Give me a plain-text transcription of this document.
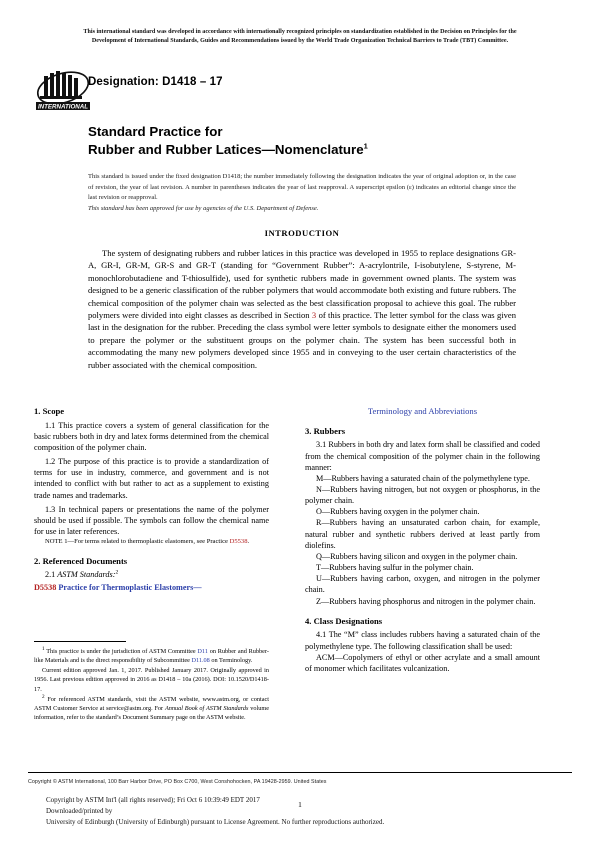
This international standard was developed in accordance with internationally recognized principles on standardization established in the Decision on Principles for the
Development of International Standards, Guides and Recommendations issued by the World Trade Organization Technical Barriers to Trade (TBT) Committee.
INTERNATIONAL
Designation: D1418 – 17
Standard Practice for
Rubber and Rubber Latices—Nomenclature$^1$
This standard is issued under the fixed designation D1418; the number immediately following the designation indicates the year of original adoption or, in the case of revision, the year of last revision. A number in parentheses indicates the year of last reapproval. A superscript epsilon (ε) indicates an editorial change since the last revision or reapproval.
This standard has been approved for use by agencies of the U.S. Department of Defense.
INTRODUCTION
The system of designating rubbers and rubber latices in this practice was developed in 1955 to replace designations GR-A, GR-I, GR-M, GR-S and GR-T (standing for “Government Rubber”: A-acrylontrile, I-isobutylene, S-styrene, M-monochlorobutadiene and T-thiosulfide), used for synthetic rubbers made in government owned plants. The system was designed to be a generic classification of the rubber polymers that would accommodate both existing and future rubbers. The chemical composition of the polymer chain was selected as the best classification proposal to achieve this goal. The rubber polymers were divided into eight classes as described in Section 3 of this practice. The letter symbol for the class was given last in the designation for the rubber. Preceding the class symbol were letter symbols to designate either the monomers used to prepare the polymer or the substituent groups on the polymer chain. The system has been successful both in accommodating the many new polymers developed since 1955 and in conveying to the user certain characteristics of the rubber associated with the chemical composition.
1. Scope

1.1 This practice covers a system of general classification for the basic rubbers both in dry and latex forms determined from the chemical composition of the polymer chain.

1.2 The purpose of this practice is to provide a standardization of terms for use in industry, commerce, and government and is not intended to conflict with but rather to act as a supplement to existing trade names and trademarks.

1.3 In technical papers or presentations the name of the polymer should be used if possible. The symbols can follow the chemical name for use in later references.

NOTE 1—For terms related to thermoplastic elastomers, see Practice D5538.

2. Referenced Documents

2.1 ASTM Standards:$^2$

D5538 Practice for Thermoplastic Elastomers—

Terminology and Abbreviations
3. Rubbers

3.1 Rubbers in both dry and latex form shall be classified and coded from the chemical composition of the polymer chain in the following manner:

M—Rubbers having a saturated chain of the polymethylene type.

N—Rubbers having nitrogen, but not oxygen or phosphorus, in the polymer chain.

O—Rubbers having oxygen in the polymer chain.

R—Rubbers having an unsaturated carbon chain, for example, natural rubber and synthetic rubbers derived at least partly from diolefins.

Q—Rubbers having silicon and oxygen in the polymer chain.

T—Rubbers having sulfur in the polymer chain.

U—Rubbers having carbon, oxygen, and nitrogen in the polymer chain.

Z—Rubbers having phosphorus and nitrogen in the polymer chain.

4. Class Designations

4.1 The “M” class includes rubbers having a saturated chain of the polymethylene type. The following classification shall be used:

ACM—Copolymers of ethyl or other acrylate and a small amount of monomer which facilitates vulcanization.

$^1$ This practice is under the jurisdiction of ASTM Committee D11 on Rubber and Rubber-like Materials and is the direct responsibility of Subcommittee D11.08 on Terminology.

Current edition approved Jan. 1, 2017. Published January 2017. Originally approved in 1956. Last previous edition approved in 2016 as D1418 – 10a (2016). DOI: 10.1520/D1418-17.

$^2$ For referenced ASTM standards, visit the ASTM website, www.astm.org, or contact ASTM Customer Service at service@astm.org. For Annual Book of ASTM Standards volume information, refer to the standard’s Document Summary page on the ASTM website.

Copyright © ASTM International, 100 Barr Harbor Drive, PO Box C700, West Conshohocken, PA 19428-2959. United States
Copyright by ASTM Int'l (all rights reserved); Fri Oct 6 10:39:49 EDT 2017
Downloaded/printed by
University of Edinburgh (University of Edinburgh) pursuant to License Agreement. No further reproductions authorized.
1
